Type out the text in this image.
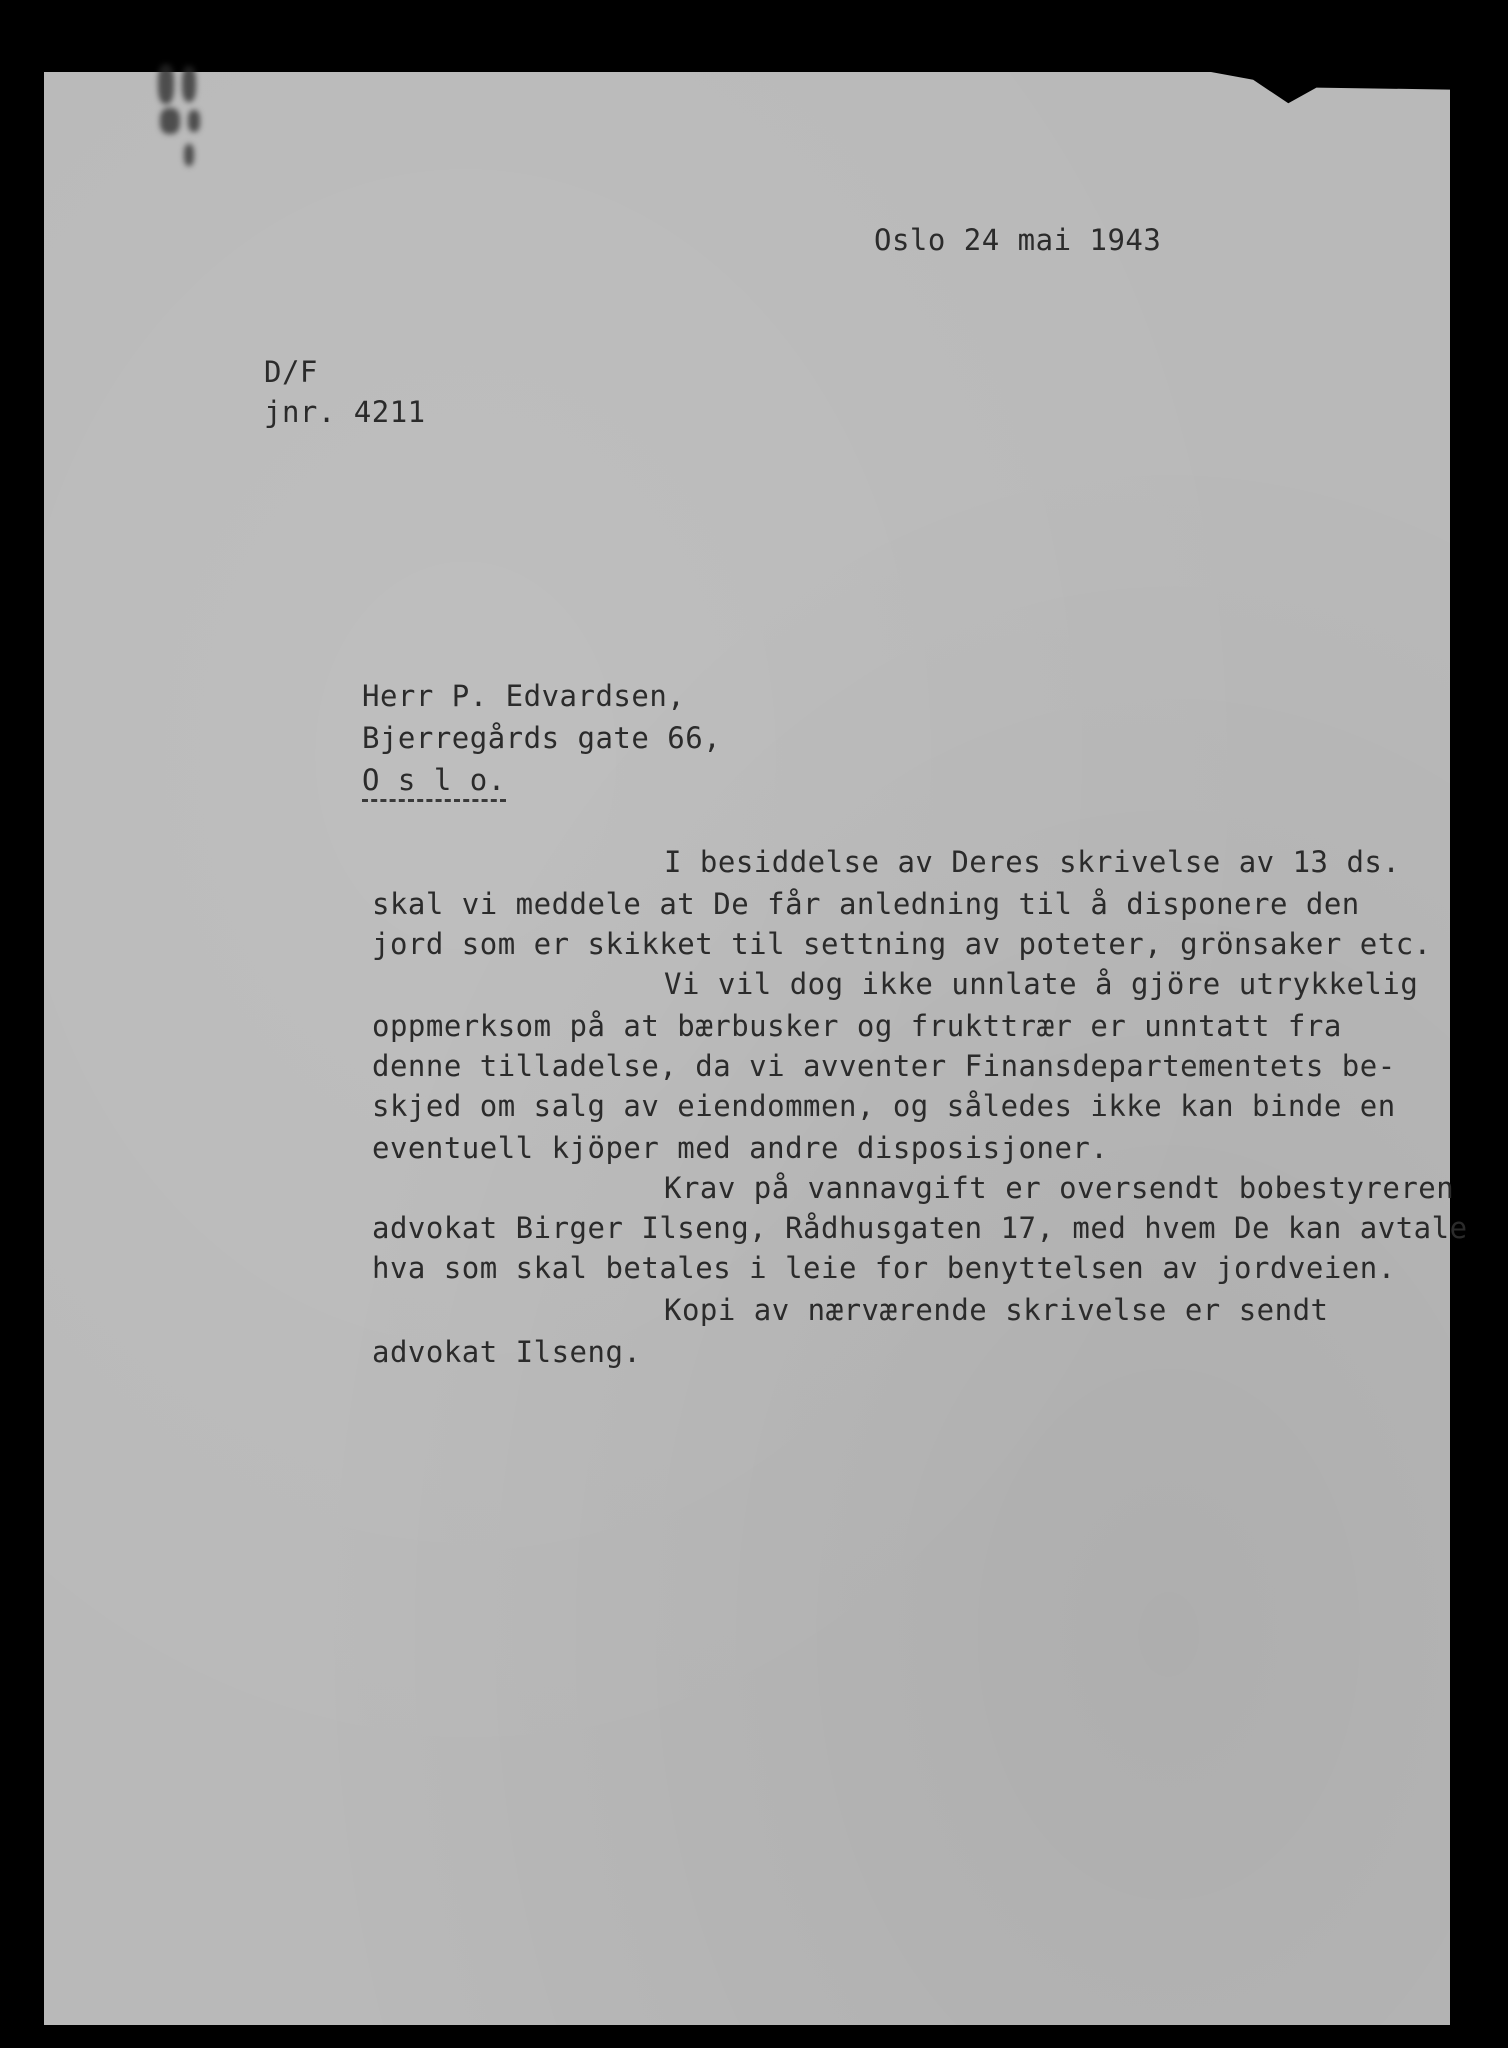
Oslo 24 mai 1943
D/F
jnr. 4211
Herr P. Edvardsen,
Bjerregårds gate 66,
O s l o.
I besiddelse av Deres skrivelse av 13 ds.
skal vi meddele at De får anledning til å disponere den
jord som er skikket til settning av poteter, grönsaker etc.
Vi vil dog ikke unnlate å gjöre utrykkelig
oppmerksom på at bærbusker og frukttrær er unntatt fra
denne tilladelse, da vi avventer Finansdepartementets be-
skjed om salg av eiendommen, og således ikke kan binde en
eventuell kjöper med andre disposisjoner.
Krav på vannavgift er oversendt bobestyreren
advokat Birger Ilseng, Rådhusgaten 17, med hvem De kan avtale
hva som skal betales i leie for benyttelsen av jordveien.
Kopi av nærværende skrivelse er sendt
advokat Ilseng.
